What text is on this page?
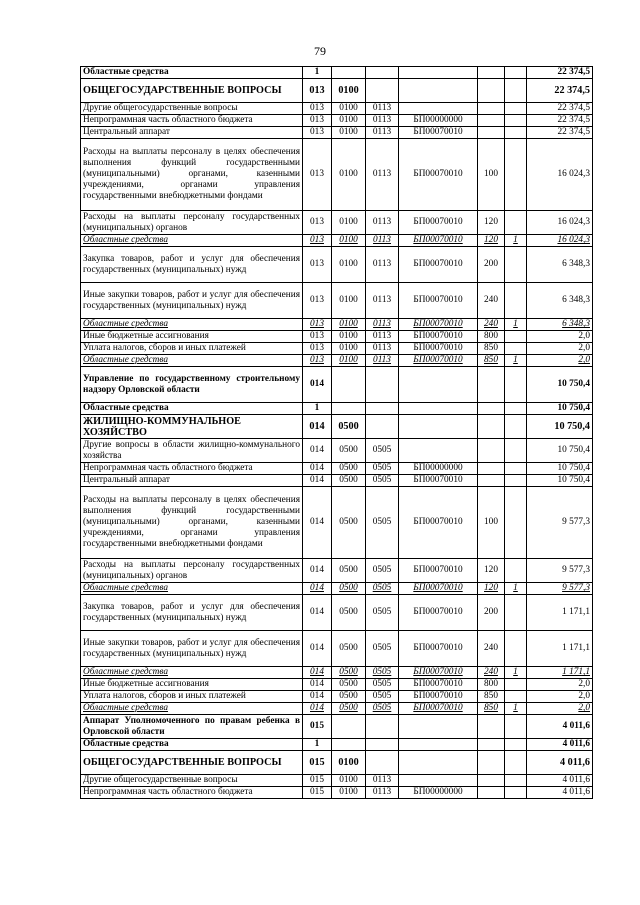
79
Областные средства	1						22 374,5
ОБЩЕГОСУДАРСТВЕННЫЕ ВОПРОСЫ	013	0100					22 374,5
Другие общегосударственные вопросы	013	0100	0113				22 374,5
Непрограммная часть областного бюджета	013	0100	0113	БП00000000			22 374,5
Центральный аппарат	013	0100	0113	БП00070010			22 374,5
Расходы на выплаты персоналу в целях обеспечения выполнения функций государственными (муниципальными) органами, казенными учреждениями, органами управления государственными внебюджетными фондами	013	0100	0113	БП00070010	100		16 024,3
Расходы на выплаты персоналу государственных (муниципальных) органов	013	0100	0113	БП00070010	120		16 024,3
Областные средства	013	0100	0113	БП00070010	120	1	16 024,3
Закупка товаров, работ и услуг для обеспечения государственных (муниципальных) нужд	013	0100	0113	БП00070010	200		6 348,3
Иные закупки товаров, работ и услуг для обеспечения государственных (муниципальных) нужд	013	0100	0113	БП00070010	240		6 348,3
Областные средства	013	0100	0113	БП00070010	240	1	6 348,3
Иные бюджетные ассигнования	013	0100	0113	БП00070010	800		2,0
Уплата налогов, сборов и иных платежей	013	0100	0113	БП00070010	850		2,0
Областные средства	013	0100	0113	БП00070010	850	1	2,0
Управление по государственному строительному надзору Орловской области	014						10 750,4
Областные средства	1						10 750,4
ЖИЛИЩНО-КОММУНАЛЬНОЕ ХОЗЯЙСТВО	014	0500					10 750,4
Другие вопросы в области жилищно-коммунального хозяйства	014	0500	0505				10 750,4
Непрограммная часть областного бюджета	014	0500	0505	БП00000000			10 750,4
Центральный аппарат	014	0500	0505	БП00070010			10 750,4
Расходы на выплаты персоналу в целях обеспечения выполнения функций государственными (муниципальными) органами, казенными учреждениями, органами управления государственными внебюджетными фондами	014	0500	0505	БП00070010	100		9 577,3
Расходы на выплаты персоналу государственных (муниципальных) органов	014	0500	0505	БП00070010	120		9 577,3
Областные средства	014	0500	0505	БП00070010	120	1	9 577,3
Закупка товаров, работ и услуг для обеспечения государственных (муниципальных) нужд	014	0500	0505	БП00070010	200		1 171,1
Иные закупки товаров, работ и услуг для обеспечения государственных (муниципальных) нужд	014	0500	0505	БП00070010	240		1 171,1
Областные средства	014	0500	0505	БП00070010	240	1	1 171,1
Иные бюджетные ассигнования	014	0500	0505	БП00070010	800		2,0
Уплата налогов, сборов и иных платежей	014	0500	0505	БП00070010	850		2,0
Областные средства	014	0500	0505	БП00070010	850	1	2,0
Аппарат Уполномоченного по правам ребенка в Орловской области	015						4 011,6
Областные средства	1						4 011,6
ОБЩЕГОСУДАРСТВЕННЫЕ ВОПРОСЫ	015	0100					4 011,6
Другие общегосударственные вопросы	015	0100	0113				4 011,6
Непрограммная часть областного бюджета	015	0100	0113	БП00000000			4 011,6
